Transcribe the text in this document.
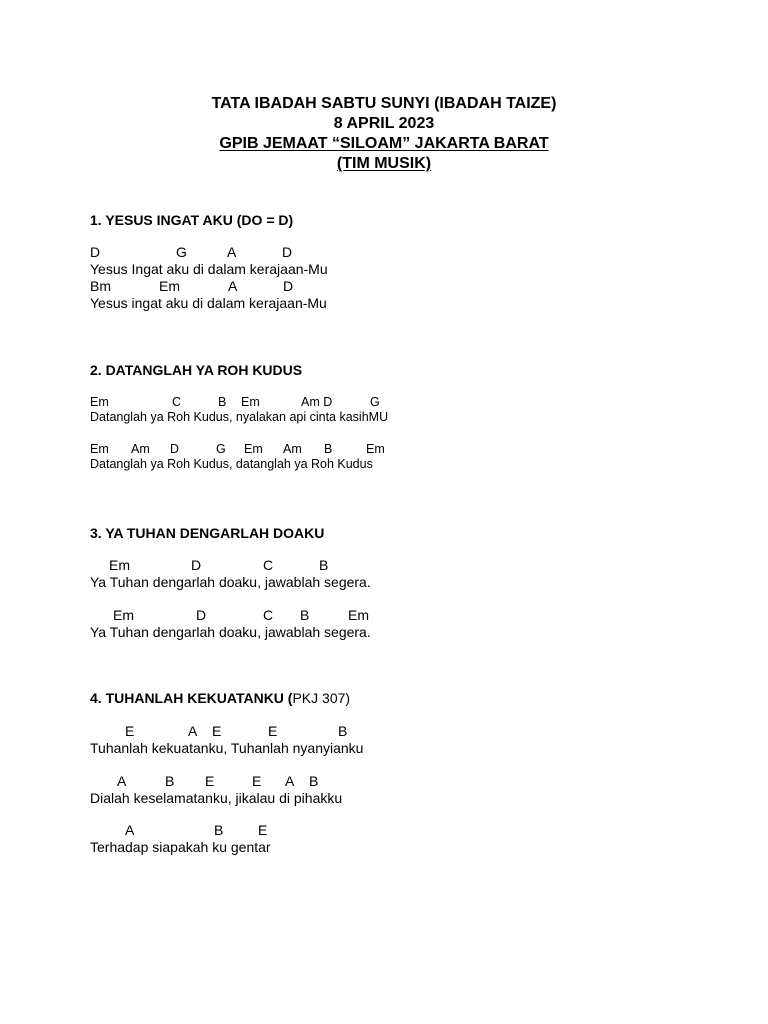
TATA IBADAH SABTU SUNYI (IBADAH TAIZE)
8 APRIL 2023
GPIB JEMAAT “SILOAM” JAKARTA BARAT
(TIM MUSIK)
1. YESUS INGAT AKU (DO = D)
D	G	A	D
Yesus Ingat aku di dalam kerajaan-Mu
Bm	Em	A	D
Yesus ingat aku di dalam kerajaan-Mu
2. DATANGLAH YA ROH KUDUS
Em	C	B Em	Am D	G
Datanglah ya Roh Kudus, nyalakan api cinta kasihMU
Em Am D	G Em Am B	Em
Datanglah ya Roh Kudus, datanglah ya Roh Kudus
3. YA TUHAN DENGARLAH DOAKU
Em	D	C	B
Ya Tuhan dengarlah doaku, jawablah segera.
Em	D	C B	Em
Ya Tuhan dengarlah doaku, jawablah segera.
4. TUHANLAH KEKUATANKU (PKJ 307)
E	A E	E	B
Tuhanlah kekuatanku, Tuhanlah nyanyianku
A	B E	E A B
Dialah keselamatanku, jikalau di pihakku
A	B E
Terhadap siapakah ku gentar
